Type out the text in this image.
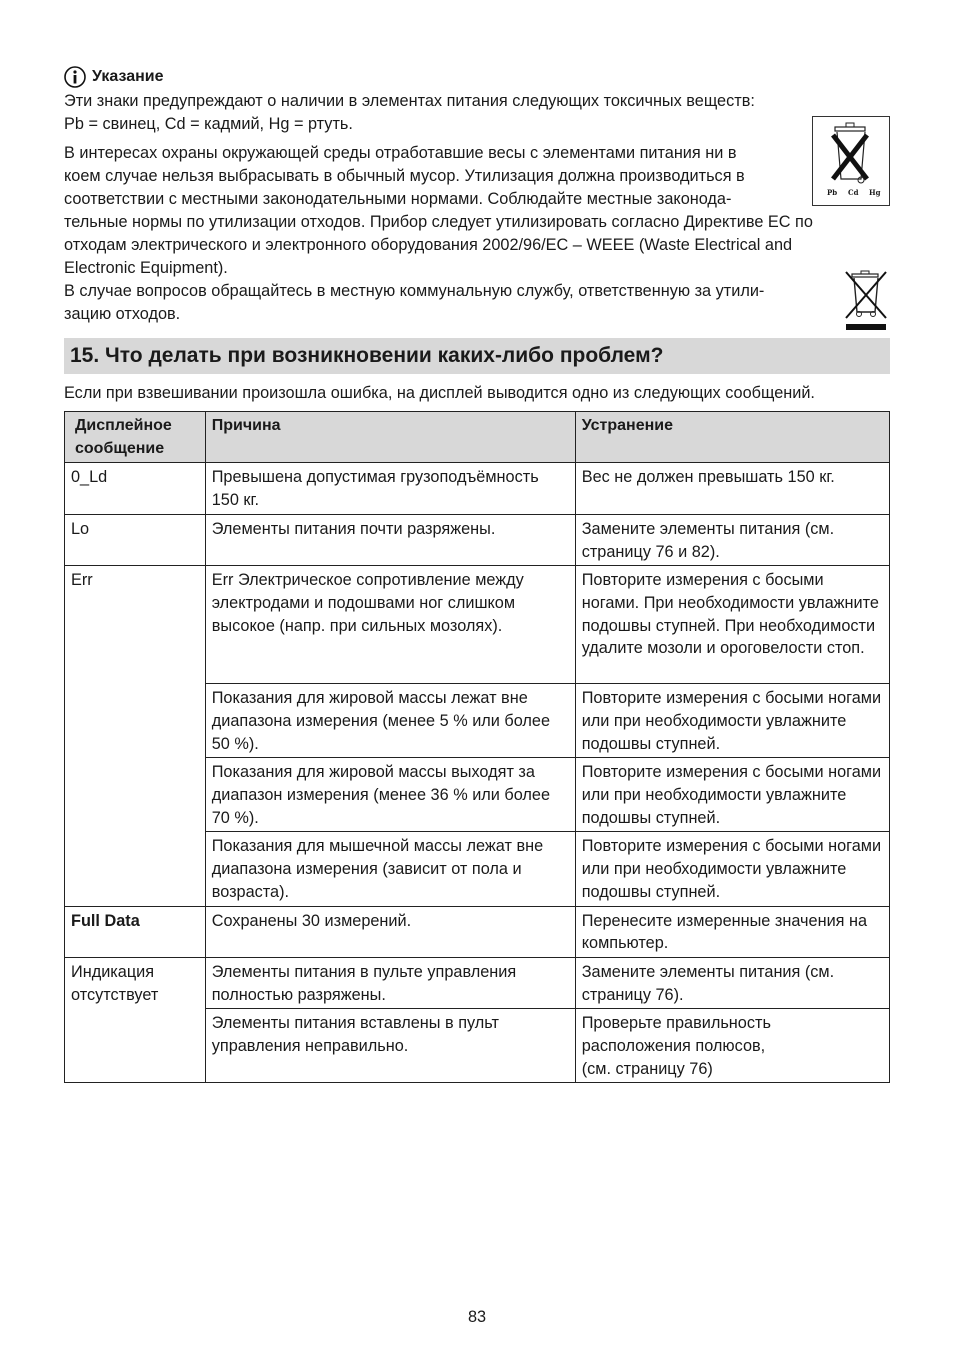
Указание

Эти знаки предупреждают о наличии в элементах питания следующих токсичных веществ:

Pb = свинец, Cd = кадмий, Hg = ртуть.

В интересах охраны окружающей среды отработавшие весы с элементами питания ни в
коем случае нельзя выбрасывать в обычный мусор. Утилизация должна производиться в
соответствии с местными законодательными нормами. Соблюдайте местные законода-
тельные нормы по утилизации отходов. Прибор следует утилизировать согласно Директиве ЕС по
отходам электрического и электронного оборудования 2002/96/EC – WEEE (Waste Electrical and
Electronic Equipment).
В случае вопросов обращайтесь в местную коммунальную службу, ответственную за утили-
зацию отходов.
Pb Cd Hg
15. Что делать при возникновении каких-либо проблем?

Если при взвешивании произошла ошибка, на дисплей выводится одно из следующих сообщений.

Дисплейное сообщение	Причина	Устранение
0_Ld	Превышена допустимая грузоподъёмность 150 кг.	Вес не должен превышать 150 кг.
Lo	Элементы питания почти разряжены.	Замените элементы питания (см. страницу 76 и 82).
Err	Err Электрическое сопротивление между электродами и подошвами ног слишком высокое (напр. при сильных мозолях).	Повторите измерения с босыми ногами. При необходимости увлажните подошвы ступней. При необходимости удалите мозоли и ороговелости стоп.
	Показания для жировой массы лежат вне диапазона измерения (менее 5 % или более 50 %).	Повторите измерения с босыми ногами или при необходимости увлажните подошвы ступней.
	Показания для жировой массы выходят за диапазон измерения (менее 36 % или более 70 %).	Повторите измерения с босыми ногами или при необходимости увлажните подошвы ступней.
	Показания для мышечной массы лежат вне диапазона измерения (зависит от пола и возраста).	Повторите измерения с босыми ногами или при необходимости увлажните подошвы ступней.
Full Data	Сохранены 30 измерений.	Перенесите измеренные значения на компьютер.
Индикация отсутствует	Элементы питания в пульте управления полностью разряжены.	Замените элементы питания (см. страницу 76).
	Элементы питания вставлены в пульт управления неправильно.	Проверьте правильность
расположения полюсов,
(см. страницу 76)
83
